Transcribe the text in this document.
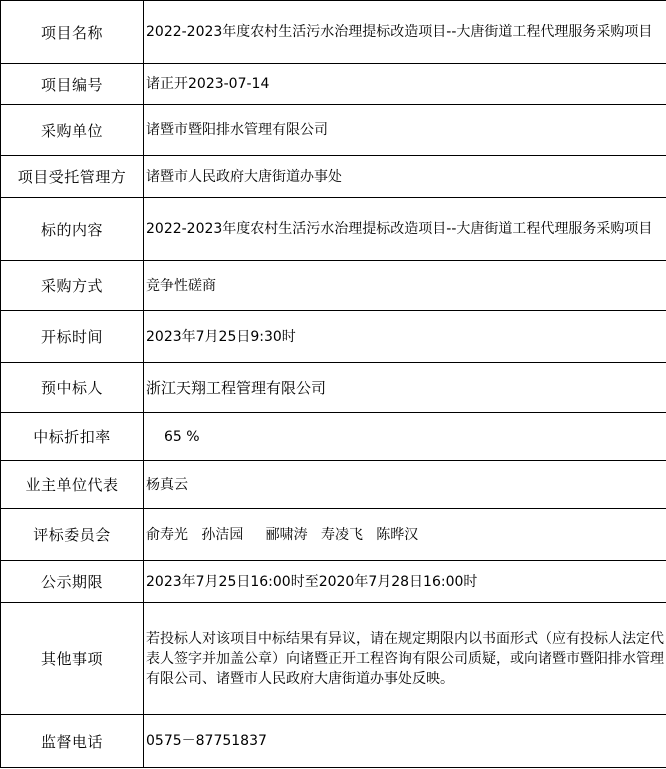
项目名称	2022-2023年度农村生活污水治理提标改造项目--大唐街道工程代理服务采购项目
项目编号	诸正开2023-07-14
采购单位	诸暨市暨阳排水管理有限公司
项目受托管理方	诸暨市人民政府大唐街道办事处
标的内容	2022-2023年度农村生活污水治理提标改造项目--大唐街道工程代理服务采购项目
采购方式	竞争性磋商
开标时间	2023年7月25日9:30时
预中标人	浙江天翔工程管理有限公司
中标折扣率	65 %
业主单位代表	杨真云
评标委员会	俞寿光   孙洁园     郦啸涛   寿凌飞   陈晔汉
公示期限	2023年7月25日16:00时至2020年7月28日16:00时
其他事项	若投标人对该项目中标结果有异议，请在规定期限内以书面形式（应有投标人法定代表人签字并加盖公章）向诸暨正开工程咨询有限公司质疑，或向诸暨市暨阳排水管理有限公司、诸暨市人民政府大唐街道办事处反映。
监督电话	0575－87751837
